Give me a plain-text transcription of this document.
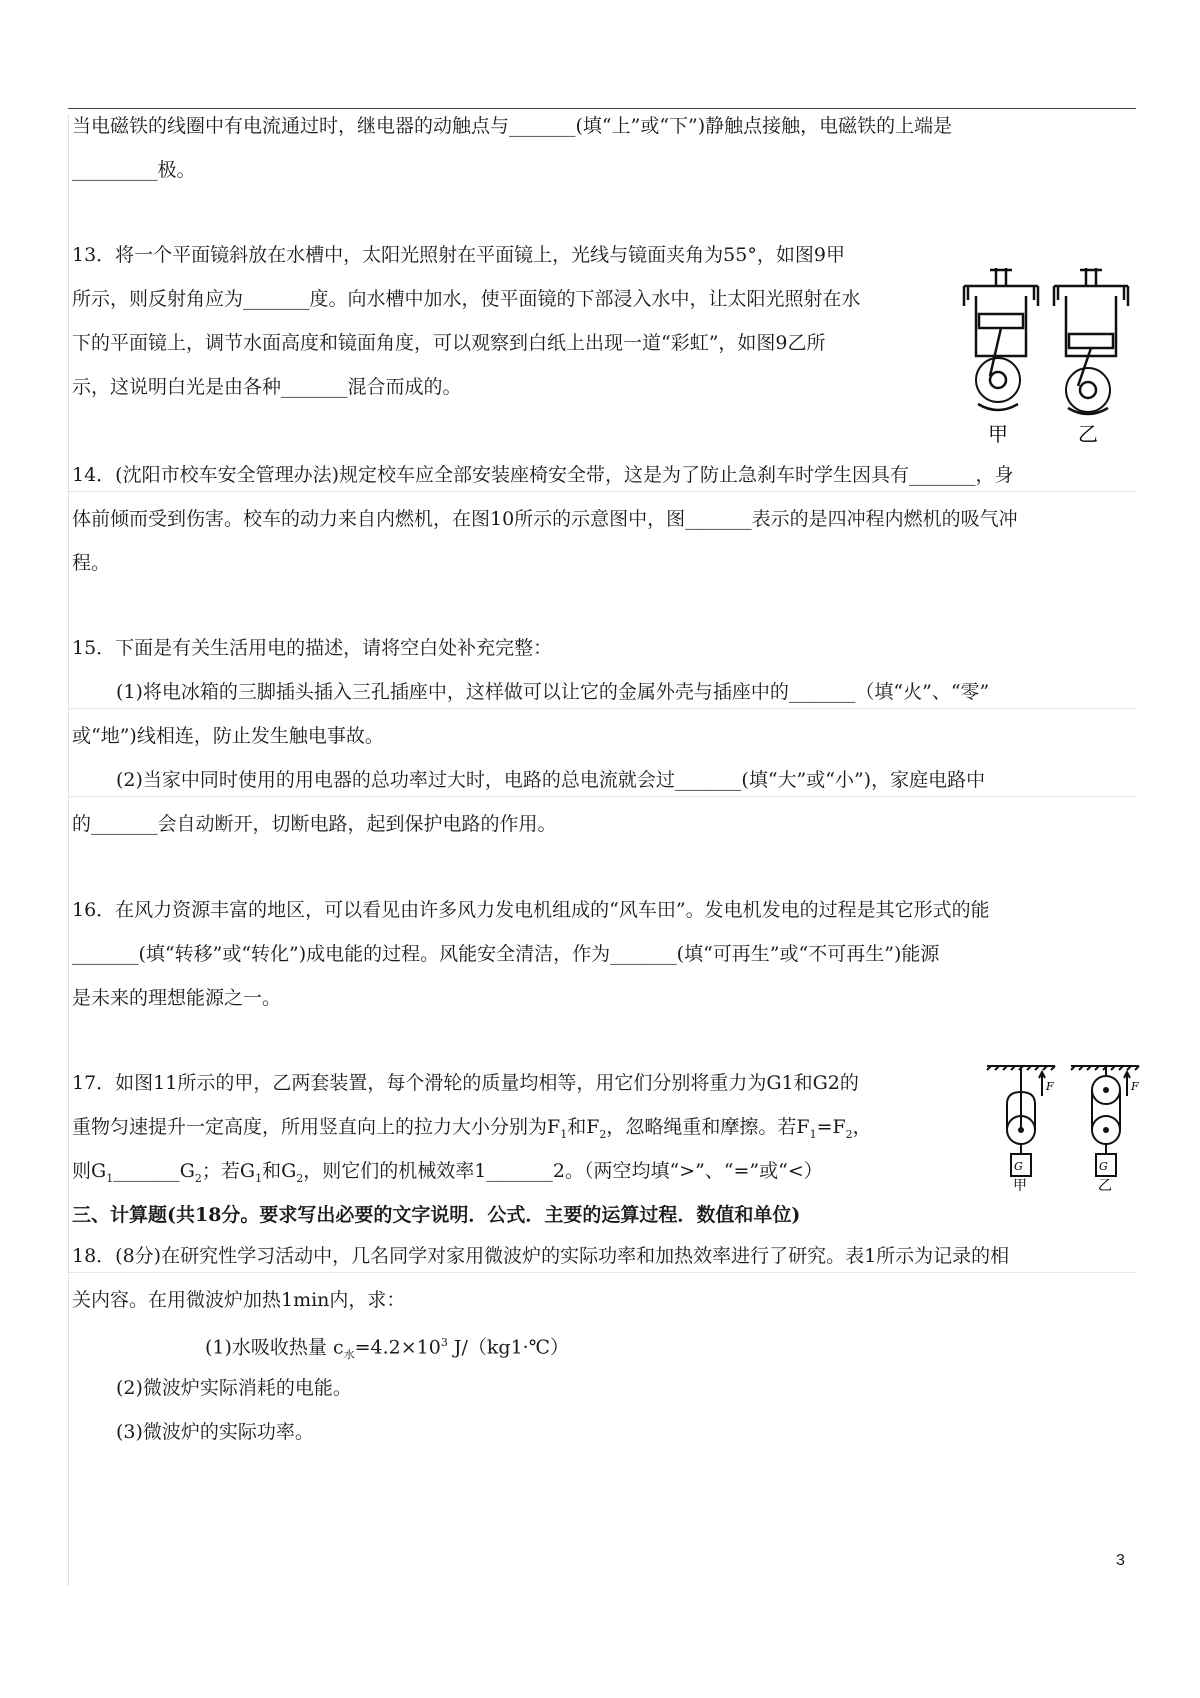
当电磁铁的线圈中有电流通过时，继电器的动触点与_______(填“上”或“下”)静触点接触，电磁铁的上端是
_________极。
13．将一个平面镜斜放在水槽中，太阳光照射在平面镜上，光线与镜面夹角为55°，如图9甲
所示，则反射角应为_______度。向水槽中加水，使平面镜的下部浸入水中，让太阳光照射在水
下的平面镜上，调节水面高度和镜面角度，可以观察到白纸上出现一道“彩虹”，如图9乙所
示，这说明白光是由各种_______混合而成的。
甲	乙
14．(沈阳市校车安全管理办法)规定校车应全部安装座椅安全带，这是为了防止急刹车时学生因具有_______，身
体前倾而受到伤害。校车的动力来自内燃机，在图10所示的示意图中，图_______表示的是四冲程内燃机的吸气冲
程。
15．下面是有关生活用电的描述，请将空白处补充完整：
(1)将电冰箱的三脚插头插入三孔插座中，这样做可以让它的金属外壳与插座中的_______（填“火”、“零”
或“地”)线相连，防止发生触电事故。
(2)当家中同时使用的用电器的总功率过大时，电路的总电流就会过_______(填“大”或“小”)，家庭电路中
的_______会自动断开，切断电路，起到保护电路的作用。
16．在风力资源丰富的地区，可以看见由许多风力发电机组成的“风车田”。发电机发电的过程是其它形式的能
_______(填“转移”或“转化”)成电能的过程。风能安全清洁，作为_______(填“可再生”或“不可再生”)能源
是未来的理想能源之一。
17．如图11所示的甲，乙两套装置，每个滑轮的质量均相等，用它们分别将重力为G1和G2的
重物匀速提升一定高度，所用竖直向上的拉力大小分别为$F_1$和$F_2$，忽略绳重和摩擦。若$F_1=F_2$，
则$G_1\_\_\_\_\_\_\_G_2$；若$G_1$和$G_2$，则它们的机械效率1_______2。（两空均填“>”、“=”或“<）
F	F
G	G
甲	乙
三、计算题(共18分。要求写出必要的文字说明．公式．主要的运算过程．数值和单位)
18．(8分)在研究性学习活动中，几名同学对家用微波炉的实际功率和加热效率进行了研究。表1所示为记录的相
关内容。在用微波炉加热1min内，求：
(1)水吸收热量 $c_水=4.2\times 10^3$ J/（kg1·℃）
(2)微波炉实际消耗的电能。
(3)微波炉的实际功率。
3
